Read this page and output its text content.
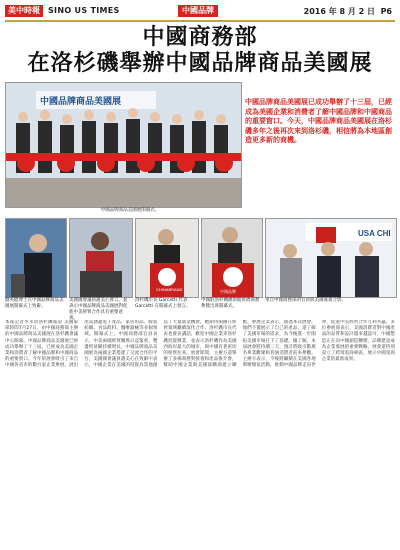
美中時報	SINO US TIMES	中國品牌	2016 年 8 月 2 日 P6
中國商務部
在洛杉磯舉辦中國品牌商品美國展
中國品牌商品美國展
中國品牌商品美國展開幕式。
中國品牌商品美國展已成功舉辦了十三屆，已經成為美國企業和消費者了解中國品牌和中國商品的重要窗口。今天，中國品牌商品美國展在洛杉磯多年之後再次來到洛杉磯，相信將為本地區創造更多新的商機。
CHINABRAND	中國品牌
USA CHI
劉英健博士在中國品牌商品美國展開幕式上致辭。
美國國會議員趙美心發言，並表示中國品牌商品美國展對促進中美經貿合作具有重要意義。
洛杉磯市長 Garcetti 代表 Garcetti 在開幕式上發言。
中國駐洛杉磯總領館經濟商務參贊出席開幕式。
來自中國商務部的官員與美國嘉賓合影。
本報記者李永清洛杉磯報道 美國東部時間7月27日，由中國商務部主辦的中國品牌商品美國展在洛杉磯會議中心開幕。中國品牌商品美國展已經成功舉辦了十三屆，已經成為美國企業和消費者了解中國品牌和中國商品的重要窗口。今年的展會吸引了來自中國各省市的數百家企業參展，展出產品涵蓋電子產品、家居用品、服裝紡織、食品飲料、醫療器械等多個領域。開幕式上，中國商務部官員表示，中美兩國經貿關係日益緊密，雙邊貿易額持續增長，中國品牌商品美國展為兩國企業搭建了交流合作的平台。美國國會議員趙美心在致辭中表示，中國企業在美國的投資為當地創造了大量就業機會，她期待兩國在經貿領域繼續深化合作。洛杉磯市長代表也發表講話，歡迎中國企業來洛杉磯投資興業，並表示洛杉磯作為美國西海岸最大的城市，與中國有著密切的經貿往來。展會期間，主辦方還舉辦了多場商務對接會和產品推介會，幫助中國企業與美國採購商建立聯繫。參展企業表示，通過本次展會，他們不僅展示了自己的產品，還了解了美國市場的需求，為今後進一步開拓美國市場打下了基礎。據了解，本屆展會將持續三天，預計將吸引數萬名專業觀眾和普通消費者前來參觀。主辦方表示，今後將繼續在美國各地舉辦類似活動，推動中國品牌走向世界，促進中美經貿合作互利共贏。多位參展商表示，美國消費者對中國產品的品質和設計越來越認可，中國製造正在向中國創造轉變，品牌建設成為企業發展的重要戰略。展會還特別設立了跨境電商專區，展示中國電商企業的最新成果。
